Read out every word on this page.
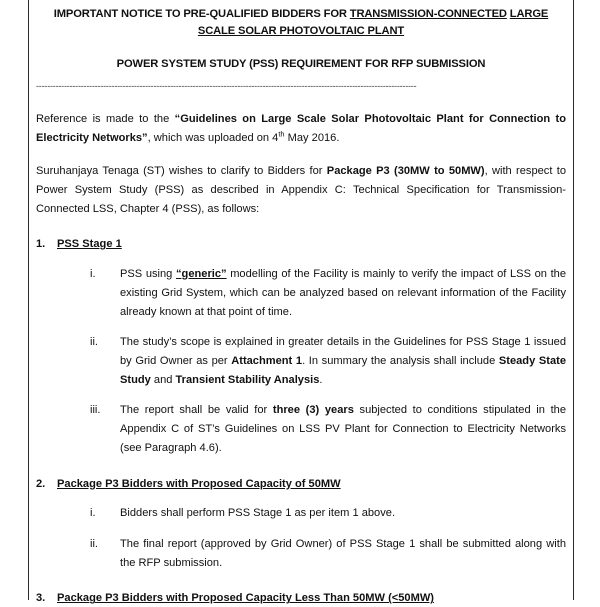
IMPORTANT NOTICE TO PRE-QUALIFIED BIDDERS FOR TRANSMISSION-CONNECTED LARGE SCALE SOLAR PHOTOVOLTAIC PLANT
POWER SYSTEM STUDY (PSS) REQUIREMENT FOR RFP SUBMISSION
----------------------------------------------------------------------------------------------------------------------------------------

Reference is made to the “Guidelines on Large Scale Solar Photovoltaic Plant for Connection to Electricity Networks”, which was uploaded on 4th May 2016.

Suruhanjaya Tenaga (ST) wishes to clarify to Bidders for Package P3 (30MW to 50MW), with respect to Power System Study (PSS) as described in Appendix C: Technical Specification for Transmission-Connected LSS, Chapter 4 (PSS), as follows:

1.	PSS Stage 1
i.	PSS using “generic” modelling of the Facility is mainly to verify the impact of LSS on the existing Grid System, which can be analyzed based on relevant information of the Facility already known at that point of time.
ii.	The study’s scope is explained in greater details in the Guidelines for PSS Stage 1 issued by Grid Owner as per Attachment 1. In summary the analysis shall include Steady State Study and Transient Stability Analysis.
iii.	The report shall be valid for three (3) years subjected to conditions stipulated in the Appendix C of ST’s Guidelines on LSS PV Plant for Connection to Electricity Networks (see Paragraph 4.6).
2.	Package P3 Bidders with Proposed Capacity of 50MW
i.	Bidders shall perform PSS Stage 1 as per item 1 above.
ii.	The final report (approved by Grid Owner) of PSS Stage 1 shall be submitted along with the RFP submission.
3.	Package P3 Bidders with Proposed Capacity Less Than 50MW (<50MW)
